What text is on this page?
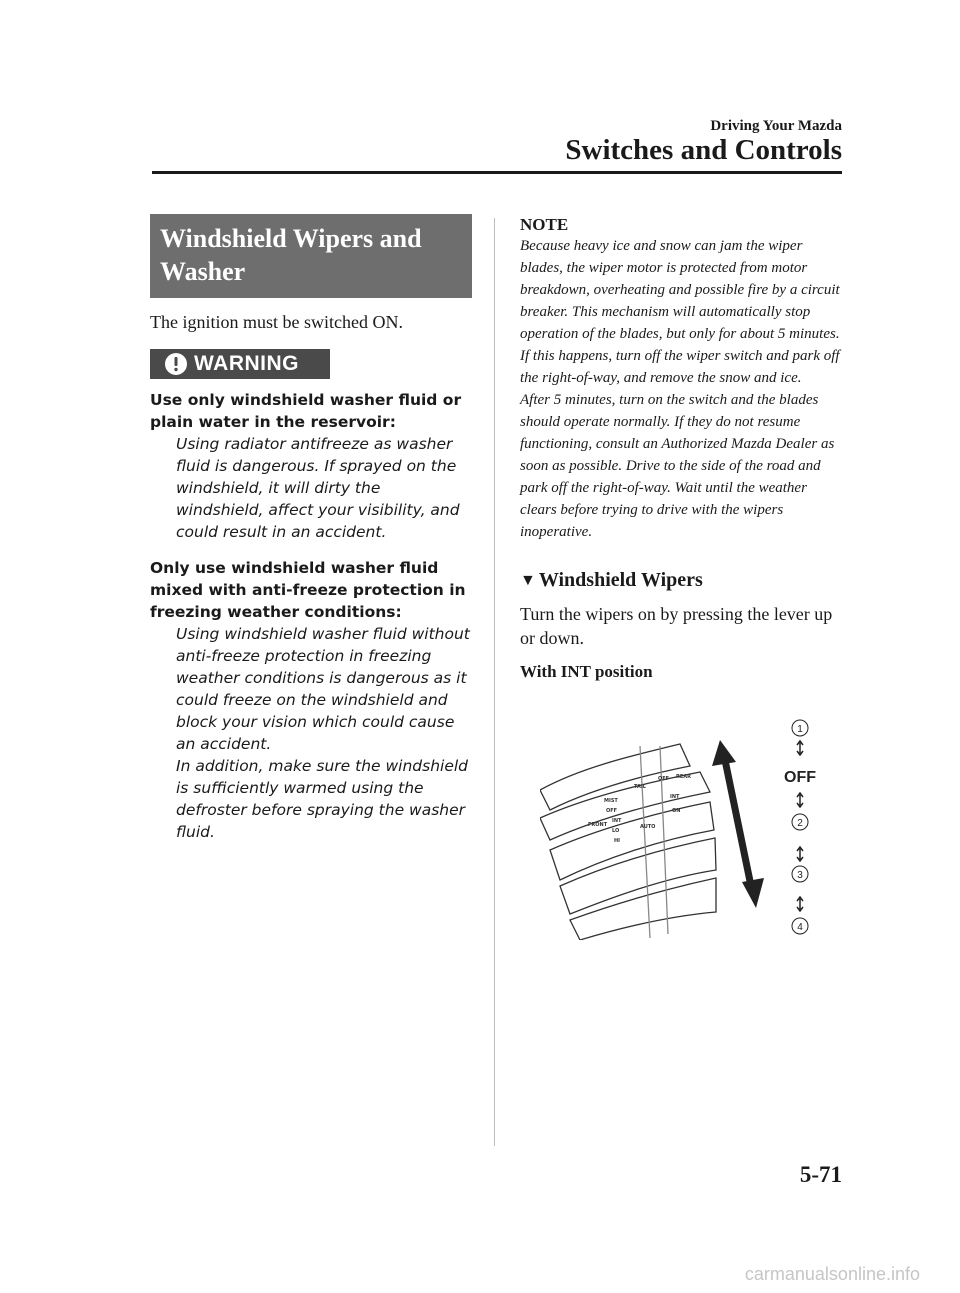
Driving Your Mazda
Switches and Controls
Windshield Wipers and Washer
The ignition must be switched ON.
WARNING
Use only windshield washer fluid or plain water in the reservoir:
Using radiator antifreeze as washer fluid is dangerous. If sprayed on the windshield, it will dirty the windshield, affect your visibility, and could result in an accident.
Only use windshield washer fluid mixed with anti-freeze protection in freezing weather conditions:
Using windshield washer fluid without anti-freeze protection in freezing weather conditions is dangerous as it could freeze on the windshield and block your vision which could cause an accident.
In addition, make sure the windshield is sufficiently warmed using the defroster before spraying the washer fluid.
NOTE

Because heavy ice and snow can jam the wiper blades, the wiper motor is protected from motor breakdown, overheating and possible fire by a circuit breaker. This mechanism will automatically stop operation of the blades, but only for about 5 minutes.

If this happens, turn off the wiper switch and park off the right-of-way, and remove the snow and ice.

After 5 minutes, turn on the switch and the blades should operate normally. If they do not resume functioning, consult an Authorized Mazda Dealer as soon as possible. Drive to the side of the road and park off the right-of-way. Wait until the weather clears before trying to drive with the wipers inoperative.

▼ Windshield Wipers
Turn the wipers on by pressing the lever up or down.
With INT position
FRONT
MIST
OFF
INT
LO
HI
TAIL
OFF REAR
INT
ON
AUTO
1
OFF
2
3
4
5-71
carmanualsonline.info
